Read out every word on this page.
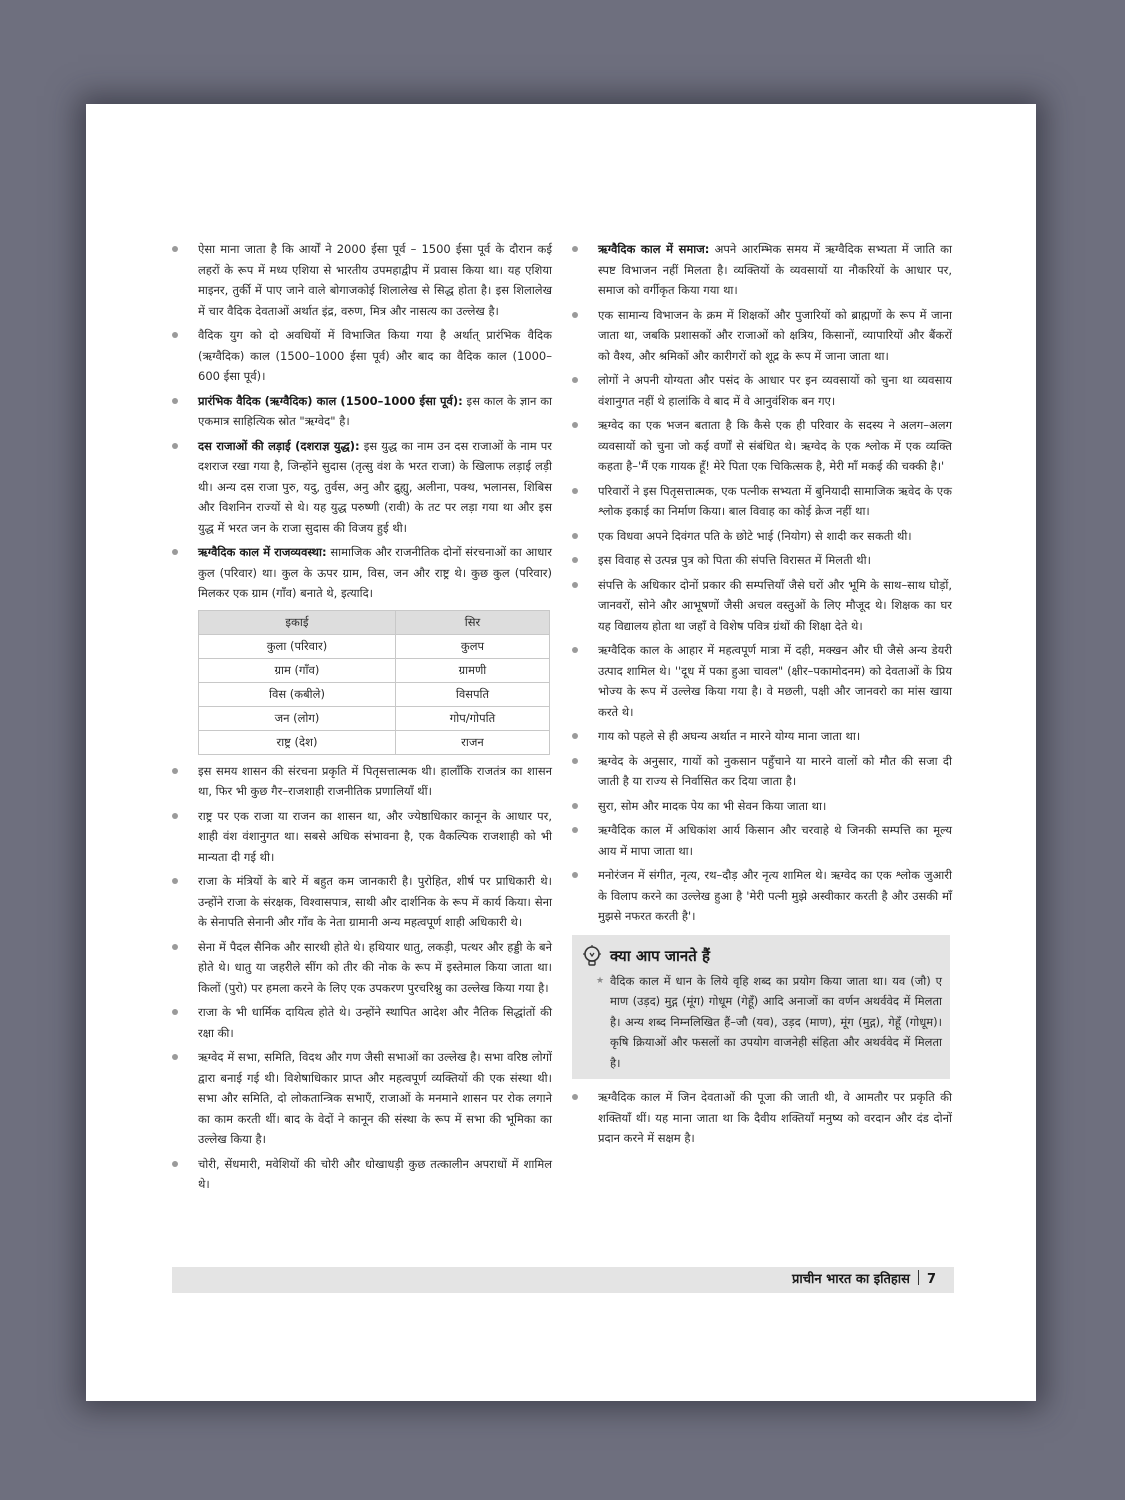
ऐसा माना जाता है कि आर्यों ने 2000 ईसा पूर्व – 1500 ईसा पूर्व के दौरान कई लहरों के रूप में मध्य एशिया से भारतीय उपमहाद्वीप में प्रवास किया था। यह एशिया माइनर, तुर्की में पाए जाने वाले बोगाजकोई शिलालेख से सिद्ध होता है। इस शिलालेख में चार वैदिक देवताओं अर्थात इंद्र, वरुण, मित्र और नासत्य का उल्लेख है।
वैदिक युग को दो अवधियों में विभाजित किया गया है अर्थात् प्रारंभिक वैदिक (ऋग्वैदिक) काल (1500–1000 ईसा पूर्व) और बाद का वैदिक काल (1000–600 ईसा पूर्व)।
प्रारंभिक वैदिक (ऋग्वैदिक) काल (1500–1000 ईसा पूर्व): इस काल के ज्ञान का एकमात्र साहित्यिक स्रोत "ऋग्वेद" है।
दस राजाओं की लड़ाई (दशराज्ञ युद्ध): इस युद्ध का नाम उन दस राजाओं के नाम पर दशराज रखा गया है, जिन्होंने सुदास (तृत्सु वंश के भरत राजा) के खिलाफ लड़ाई लड़ी थी। अन्य दस राजा पुरु, यदु, तुर्वस, अनु और द्रुह्यु, अलीना, पक्थ, भलानस, शिबिस और विशनिन राज्यों से थे। यह युद्ध परुष्णी (रावी) के तट पर लड़ा गया था और इस युद्ध में भरत जन के राजा सुदास की विजय हुई थी।
ऋग्वैदिक काल में राजव्यवस्था: सामाजिक और राजनीतिक दोनों संरचनाओं का आधार कुल (परिवार) था। कुल के ऊपर ग्राम, विस, जन और राष्ट्र थे। कुछ कुल (परिवार) मिलकर एक ग्राम (गाँव) बनाते थे, इत्यादि।
इकाई	सिर
कुला (परिवार)	कुलप
ग्राम (गाँव)	ग्रामणी
विस (कबीले)	विसपति
जन (लोग)	गोप/गोपति
राष्ट्र (देश)	राजन
इस समय शासन की संरचना प्रकृति में पितृसत्तात्मक थी। हालाँकि राजतंत्र का शासन था, फिर भी कुछ गैर–राजशाही राजनीतिक प्रणालियाँ थीं।
राष्ट्र पर एक राजा या राजन का शासन था, और ज्येष्ठाधिकार कानून के आधार पर, शाही वंश वंशानुगत था। सबसे अधिक संभावना है, एक वैकल्पिक राजशाही को भी मान्यता दी गई थी।
राजा के मंत्रियों के बारे में बहुत कम जानकारी है। पुरोहित, शीर्ष पर प्राधिकारी थे। उन्होंने राजा के संरक्षक, विश्वासपात्र, साथी और दार्शनिक के रूप में कार्य किया। सेना के सेनापति सेनानी और गाँव के नेता ग्रामानी अन्य महत्वपूर्ण शाही अधिकारी थे।
सेना में पैदल सैनिक और सारथी होते थे। हथियार धातु, लकड़ी, पत्थर और हड्डी के बने होते थे। धातु या जहरीले सींग को तीर की नोक के रूप में इस्तेमाल किया जाता था। किलों (पुरो) पर हमला करने के लिए एक उपकरण पुरचरिश्नु का उल्लेख किया गया है।
राजा के भी धार्मिक दायित्व होते थे। उन्होंने स्थापित आदेश और नैतिक सिद्धांतों की रक्षा की।
ऋग्वेद में सभा, समिति, विदथ और गण जैसी सभाओं का उल्लेख है। सभा वरिष्ठ लोगों द्वारा बनाई गई थी। विशेषाधिकार प्राप्त और महत्वपूर्ण व्यक्तियों की एक संस्था थी। सभा और समिति, दो लोकतान्त्रिक सभाएँ, राजाओं के मनमाने शासन पर रोक लगाने का काम करती थीं। बाद के वेदों ने कानून की संस्था के रूप में सभा की भूमिका का उल्लेख किया है।
चोरी, सेंधमारी, मवेशियों की चोरी और धोखाधड़ी कुछ तत्कालीन अपराधों में शामिल थे।
ऋग्वैदिक काल में समाज: अपने आरम्भिक समय में ऋग्वैदिक सभ्यता में जाति का स्पष्ट विभाजन नहीं मिलता है। व्यक्तियों के व्यवसायों या नौकरियों के आधार पर, समाज को वर्गीकृत किया गया था।
एक सामान्य विभाजन के क्रम में शिक्षकों और पुजारियों को ब्राह्मणों के रूप में जाना जाता था, जबकि प्रशासकों और राजाओं को क्षत्रिय, किसानों, व्यापारियों और बैंकरों को वैश्य, और श्रमिकों और कारीगरों को शूद्र के रूप में जाना जाता था।
लोगों ने अपनी योग्यता और पसंद के आधार पर इन व्यवसायों को चुना था व्यवसाय वंशानुगत नहीं थे हालांकि वे बाद में वे आनुवंशिक बन गए।
ऋग्वेद का एक भजन बताता है कि कैसे एक ही परिवार के सदस्य ने अलग–अलग व्यवसायों को चुना जो कई वर्णों से संबंधित थे। ऋग्वेद के एक श्लोक में एक व्यक्ति कहता है–'मैं एक गायक हूँ! मेरे पिता एक चिकित्सक है, मेरी माँ मकई की चक्की है।'
परिवारों ने इस पितृसत्तात्मक, एक पत्नीक सभ्यता में बुनियादी सामाजिक ऋवेद के एक श्लोक इकाई का निर्माण किया। बाल विवाह का कोई क्रेज नहीं था।
एक विधवा अपने दिवंगत पति के छोटे भाई (नियोग) से शादी कर सकती थी।
इस विवाह से उत्पन्न पुत्र को पिता की संपत्ति विरासत में मिलती थी।
संपत्ति के अधिकार दोनों प्रकार की सम्पत्तियाँ जैसे घरों और भूमि के साथ–साथ घोड़ों, जानवरों, सोने और आभूषणों जैसी अचल वस्तुओं के लिए मौजूद थे। शिक्षक का घर यह विद्यालय होता था जहाँ वे विशेष पवित्र ग्रंथों की शिक्षा देते थे।
ऋग्वैदिक काल के आहार में महत्वपूर्ण मात्रा में दही, मक्खन और घी जैसे अन्य डेयरी उत्पाद शामिल थे। ''दूध में पका हुआ चावल" (क्षीर–पकामोदनम) को देवताओं के प्रिय भोज्य के रूप में उल्लेख किया गया है। वे मछली, पक्षी और जानवरो का मांस खाया करते थे।
गाय को पहले से ही अघन्य अर्थात न मारने योग्य माना जाता था।
ऋग्वेद के अनुसार, गायों को नुकसान पहुँचाने या मारने वालों को मौत की सजा दी जाती है या राज्य से निर्वासित कर दिया जाता है।
सुरा, सोम और मादक पेय का भी सेवन किया जाता था।
ऋग्वैदिक काल में अधिकांश आर्य किसान और चरवाहे थे जिनकी सम्पत्ति का मूल्य आय में मापा जाता था।
मनोरंजन में संगीत, नृत्य, रथ–दौड़ और नृत्य शामिल थे। ऋग्वेद का एक श्लोक जुआरी के विलाप करने का उल्लेख हुआ है 'मेरी पत्नी मुझे अस्वीकार करती है और उसकी माँ मुझसे नफरत करती है'।
क्या आप जानते हैं
★ वैदिक काल में धान के लिये वृहि शब्द का प्रयोग किया जाता था। यव (जौ) ए माण (उड़द) मुद्ग (मूंग) गोधूम (गेहूँ) आदि अनाजों का वर्णन अथर्ववेद में मिलता है। अन्य शब्द निम्नलिखित हैं–जौ (यव), उड़द (माण), मूंग (मुद्ग), गेहूँ (गोधूम)। कृषि क्रियाओं और फसलों का उपयोग वाजनेही संहिता और अथर्ववेद में मिलता है।
ऋग्वैदिक काल में जिन देवताओं की पूजा की जाती थी, वे आमतौर पर प्रकृति की शक्तियाँ थीं। यह माना जाता था कि दैवीय शक्तियाँ मनुष्य को वरदान और दंड दोनों प्रदान करने में सक्षम है।
प्राचीन भारत का इतिहास 7
